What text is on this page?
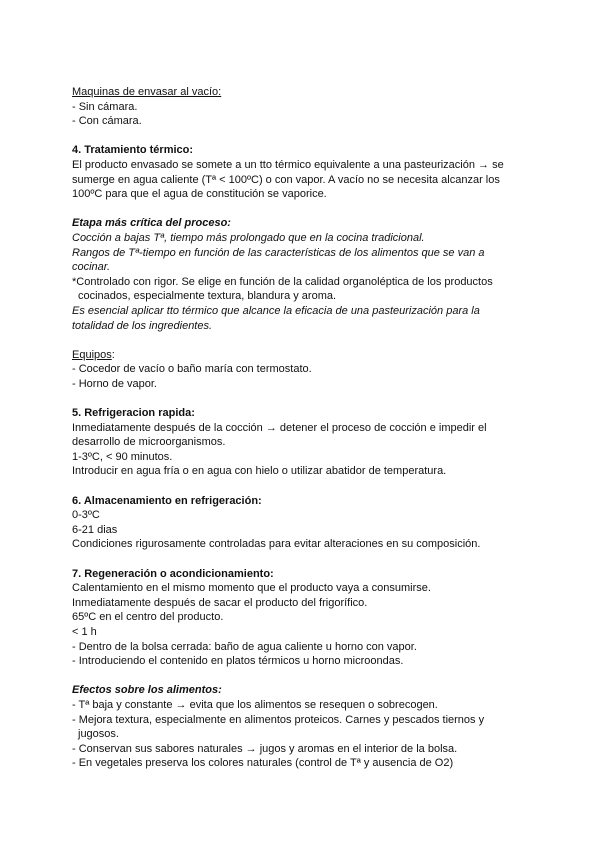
Maquinas de envasar al vacío:
- Sin cámara.
- Con cámara.
4. Tratamiento térmico:
El producto envasado se somete a un tto térmico equivalente a una pasteurización → se
sumerge en agua caliente (Tª < 100ºC) o con vapor. A vacío no se necesita alcanzar los
100ºC para que el agua de constitución se vaporice.
Etapa más crítica del proceso:
Cocción a bajas Tª, tiempo más prolongado que en la cocina tradicional.
Rangos de Tª-tiempo en función de las características de los alimentos que se van a
cocinar.
*Controlado con rigor. Se elige en función de la calidad organoléptica de los productos
cocinados, especialmente textura, blandura y aroma.
Es esencial aplicar tto térmico que alcance la eficacia de una pasteurización para la
totalidad de los ingredientes.
Equipos:
- Cocedor de vacío o baño maría con termostato.
- Horno de vapor.
5. Refrigeracion rapida:
Inmediatamente después de la cocción → detener el proceso de cocción e impedir el
desarrollo de microorganismos.
1-3ºC, < 90 minutos.
Introducir en agua fría o en agua con hielo o utilizar abatidor de temperatura.
6. Almacenamiento en refrigeración:
0-3ºC
6-21 dias
Condiciones rigurosamente controladas para evitar alteraciones en su composición.
7. Regeneración o acondicionamiento:
Calentamiento en el mismo momento que el producto vaya a consumirse.
Inmediatamente después de sacar el producto del frigorífico.
65ºC en el centro del producto.
< 1 h
- Dentro de la bolsa cerrada: baño de agua caliente u horno con vapor.
- Introduciendo el contenido en platos térmicos u horno microondas.
Efectos sobre los alimentos:
- Tª baja y constante → evita que los alimentos se resequen o sobrecogen.
- Mejora textura, especialmente en alimentos proteicos. Carnes y pescados tiernos y
jugosos.
- Conservan sus sabores naturales → jugos y aromas en el interior de la bolsa.
- En vegetales preserva los colores naturales (control de Tª y ausencia de O2)
